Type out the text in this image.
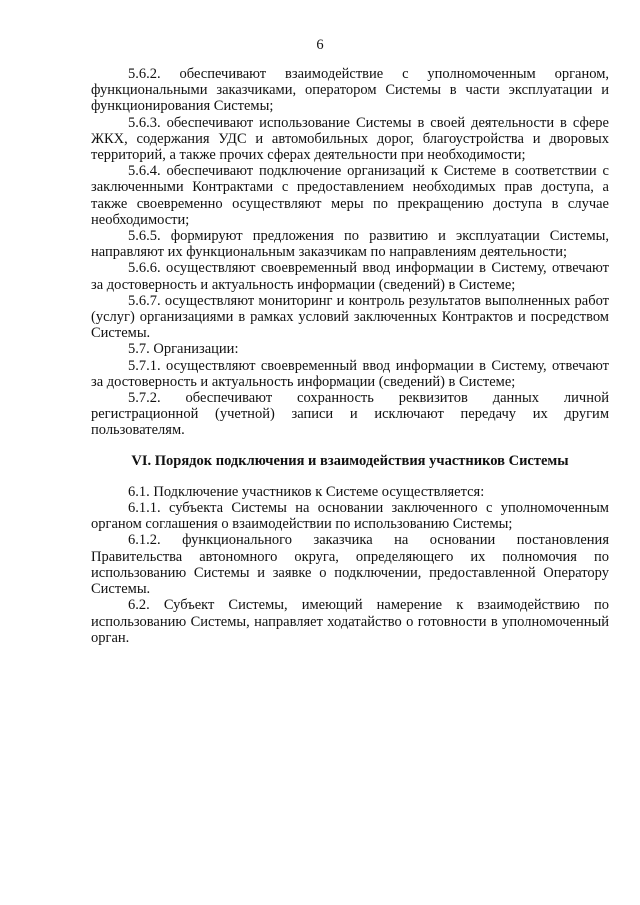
6

5.6.2. обеспечивают взаимодействие с уполномоченным органом, функциональными заказчиками, оператором Системы в части эксплуатации и функционирования Системы;

5.6.3. обеспечивают использование Системы в своей деятельности в сфере ЖКХ, содержания УДС и автомобильных дорог, благоустройства и дворовых территорий, а также прочих сферах деятельности при необходимости;

5.6.4. обеспечивают подключение организаций к Системе в соответствии с заключенными Контрактами с предоставлением необходимых прав доступа, а также своевременно осуществляют меры по прекращению доступа в случае необходимости;

5.6.5. формируют предложения по развитию и эксплуатации Системы, направляют их функциональным заказчикам по направлениям деятельности;

5.6.6. осуществляют своевременный ввод информации в Систему, отвечают за достоверность и актуальность информации (сведений) в Системе;

5.6.7. осуществляют мониторинг и контроль результатов выполненных работ (услуг) организациями в рамках условий заключенных Контрактов и посредством Системы.

5.7. Организации:

5.7.1. осуществляют своевременный ввод информации в Систему, отвечают за достоверность и актуальность информации (сведений) в Системе;

5.7.2. обеспечивают сохранность реквизитов данных личной регистрационной (учетной) записи и исключают передачу их другим пользователям.

VI. Порядок подключения и взаимодействия участников Системы

6.1. Подключение участников к Системе осуществляется:

6.1.1. субъекта Системы на основании заключенного с уполномоченным органом соглашения о взаимодействии по использованию Системы;

6.1.2. функционального заказчика на основании постановления Правительства автономного округа, определяющего их полномочия по использованию Системы и заявке о подключении, предоставленной Оператору Системы.

6.2. Субъект Системы, имеющий намерение к взаимодействию по использованию Системы, направляет ходатайство о готовности в уполномоченный орган.
